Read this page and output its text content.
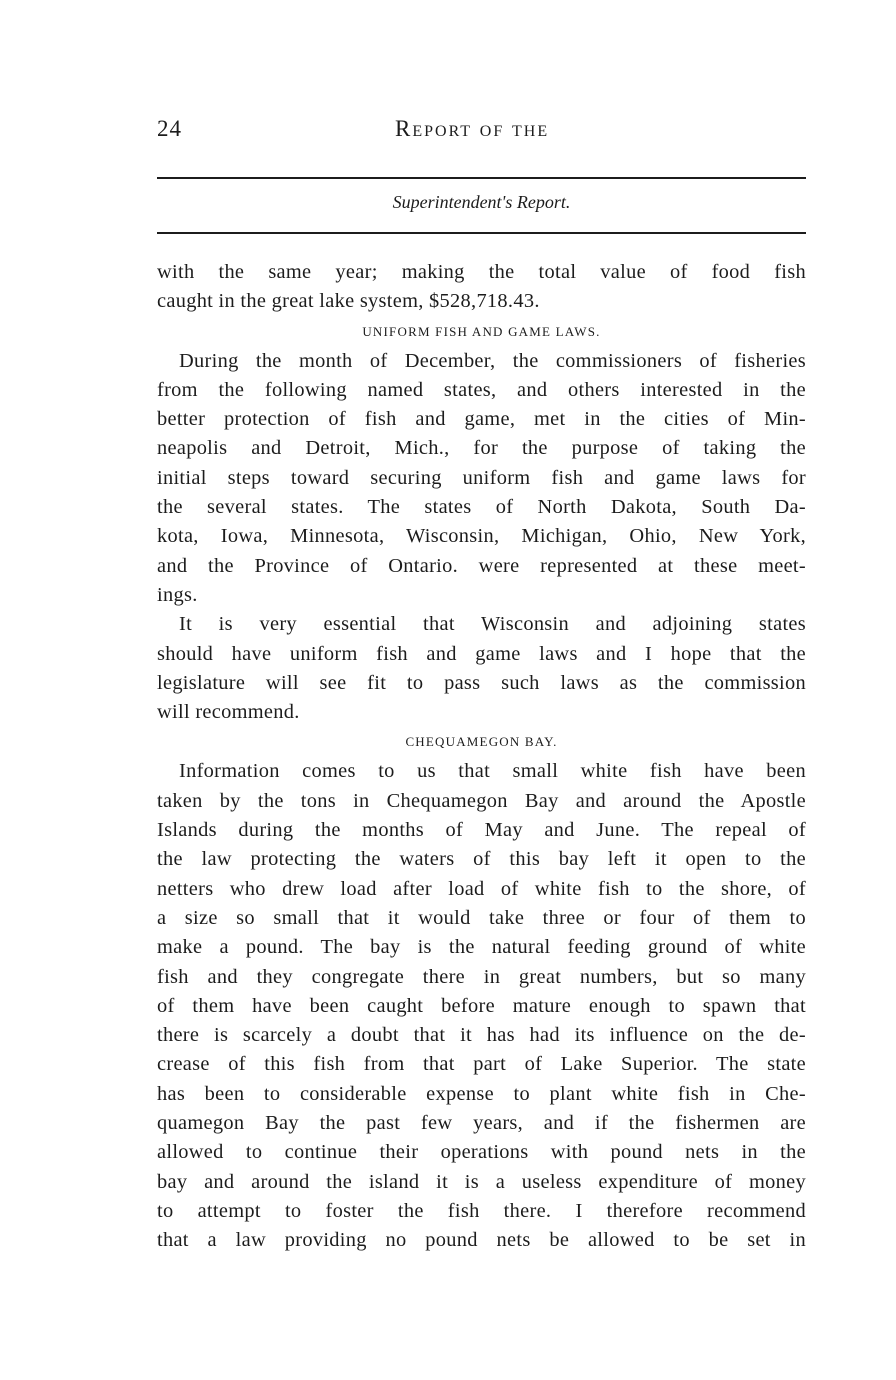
24	Report of the
Superintendent's Report.
with the same year; making the total value of food fish
caught in the great lake system, $528,718.43.
UNIFORM FISH AND GAME LAWS.
During the month of December, the commissioners of fisheries
from the following named states, and others interested in the
better protection of fish and game, met in the cities of Min-
neapolis and Detroit, Mich., for the purpose of taking the
initial steps toward securing uniform fish and game laws for
the several states. The states of North Dakota, South Da-
kota, Iowa, Minnesota, Wisconsin, Michigan, Ohio, New York,
and the Province of Ontario. were represented at these meet-
ings.
It is very essential that Wisconsin and adjoining states
should have uniform fish and game laws and I hope that the
legislature will see fit to pass such laws as the commission
will recommend.
CHEQUAMEGON BAY.
Information comes to us that small white fish have been
taken by the tons in Chequamegon Bay and around the Apostle
Islands during the months of May and June. The repeal of
the law protecting the waters of this bay left it open to the
netters who drew load after load of white fish to the shore, of
a size so small that it would take three or four of them to
make a pound. The bay is the natural feeding ground of white
fish and they congregate there in great numbers, but so many
of them have been caught before mature enough to spawn that
there is scarcely a doubt that it has had its influence on the de-
crease of this fish from that part of Lake Superior. The state
has been to considerable expense to plant white fish in Che-
quamegon Bay the past few years, and if the fishermen are
allowed to continue their operations with pound nets in the
bay and around the island it is a useless expenditure of money
to attempt to foster the fish there. I therefore recommend
that a law providing no pound nets be allowed to be set in
